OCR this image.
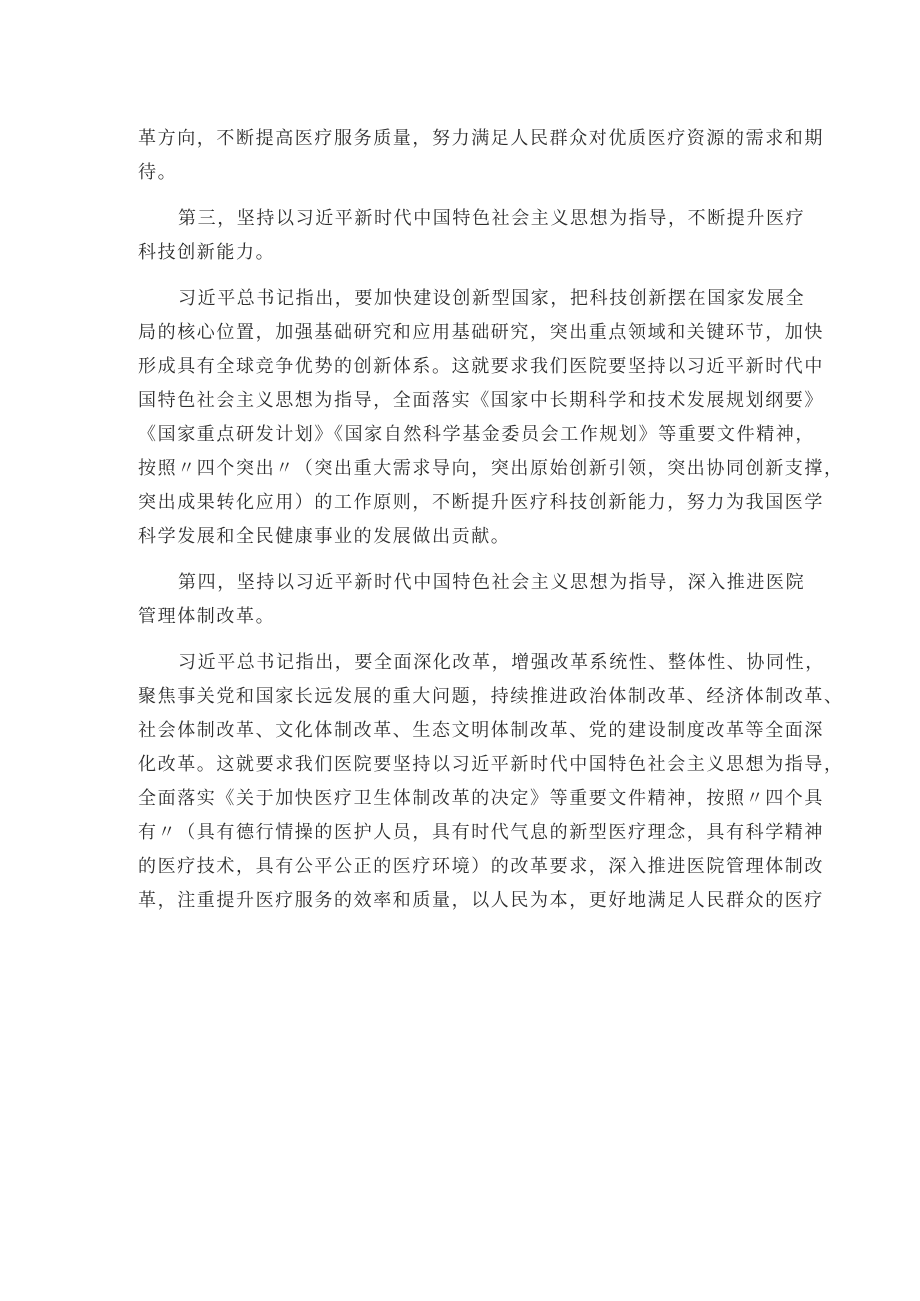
革方向，不断提高医疗服务质量，努力满足人民群众对优质医疗资源的需求和期
待。
第三，坚持以习近平新时代中国特色社会主义思想为指导，不断提升医疗
科技创新能力。
习近平总书记指出，要加快建设创新型国家，把科技创新摆在国家发展全
局的核心位置，加强基础研究和应用基础研究，突出重点领域和关键环节，加快
形成具有全球竞争优势的创新体系。这就要求我们医院要坚持以习近平新时代中
国特色社会主义思想为指导，全面落实《国家中长期科学和技术发展规划纲要》
《国家重点研发计划》《国家自然科学基金委员会工作规划》等重要文件精神，
按照〃四个突出〃（突出重大需求导向，突出原始创新引领，突出协同创新支撑，
突出成果转化应用）的工作原则，不断提升医疗科技创新能力，努力为我国医学
科学发展和全民健康事业的发展做出贡献。
第四，坚持以习近平新时代中国特色社会主义思想为指导，深入推进医院
管理体制改革。
习近平总书记指出，要全面深化改革，增强改革系统性、整体性、协同性，
聚焦事关党和国家长远发展的重大问题，持续推进政治体制改革、经济体制改革、
社会体制改革、文化体制改革、生态文明体制改革、党的建设制度改革等全面深
化改革。这就要求我们医院要坚持以习近平新时代中国特色社会主义思想为指导，
全面落实《关于加快医疗卫生体制改革的决定》等重要文件精神，按照〃四个具
有〃（具有德行情操的医护人员，具有时代气息的新型医疗理念，具有科学精神
的医疗技术，具有公平公正的医疗环境）的改革要求，深入推进医院管理体制改
革，注重提升医疗服务的效率和质量，以人民为本，更好地满足人民群众的医疗
